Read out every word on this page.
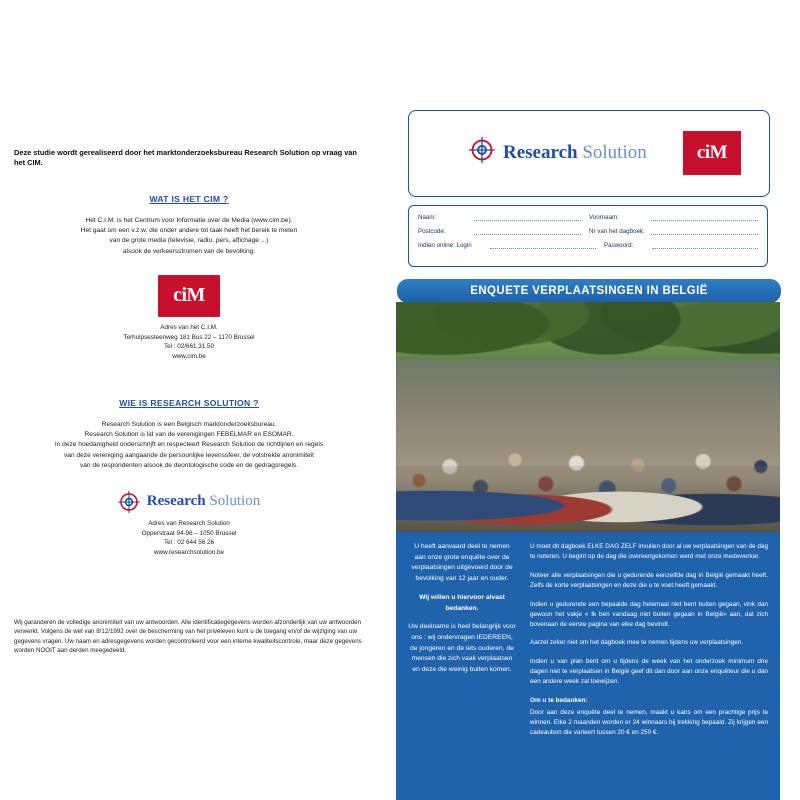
Deze studie wordt gerealiseerd door het marktonderzoeksbureau Research Solution op vraag van het CIM.
WAT IS HET CIM ?
Het C.I.M. is het Centrum voor Informatie over de Media (www.cim.be).
Het gaat om een v.z.w. die onder andere tot taak heeft het bereik te meten
van de grote media (televisie, radio, pers, affichage ...)
alsook de verkeersstromen van de bevolking.
ciM
Adres van het C.I.M.
Terhulpsesteenweg 181 Bus 22 – 1170 Brussel
Tel : 02/661.31.50
www.cim.be
WIE IS RESEARCH SOLUTION ?
Research Solution is een Belgisch marktonderzoeksbureau.
Research Solution is lid van de verenigingen FEBELMAR en ESOMAR.
In deze hoedanigheid onderschrijft en respecteert Research Solution de richtlijnen en regels
van deze vereniging aangaande de persoonlijke levenssfeer, de volstrekte anonimiteit
van de respondenten alsook de deontologische code en de gedragsregels.
Research Solution
Adres van Research Solution
Opperstraat 94-96 – 1050 Brussel
Tel : 02 644 56 26
www.researchsolution.be
Wij garanderen de volledige anonimiteit van uw antwoorden. Alle identificatiegegevens worden afzonderlijk van uw antwoorden verwerkt. Volgens de wet van 8/12/1992 over de bescherming van het privéleven kunt u de toegang en/of de wijziging van uw gegevens vragen. Uw naam en adresgegevens worden gecontroleerd voor een interne kwaliteitscontrole, maar deze gegevens worden NOOIT aan derden meegedeeld.
Research Solution	ciM
Naam:	Voornaam:
Postcode:	Nr van het dagboek:
Indien online: Login	Paswoord:
ENQUETE VERPLAATSINGEN IN BELGIË
U heeft aanvaard deel te nemen aan onze grote enquête over de verplaatsingen uitgevoerd door de bevolking van 12 jaar en ouder.
Wij willen u hiervoor alvast bedanken.
Uw deelname is heel belangrijk voor ons : wij ondervragen IEDEREEN, de jongeren en de iets ouderen, de mensen die zich vaak verplaatsen en deze die weinig buiten komen.

U moet dit dagboek ELKE DAG ZELF invullen door al uw verplaatsingen van de dag te noteren. U begint op de dag die overeengekomen werd met onze medewerker.

Noteer alle verplaatsingen die u gedurende eenzelfde dag in België gemaakt heeft. Zelfs de korte verplaatsingen en deze die u te voet heeft gemaakt.

Indien u gedurende een bepaalde dag helemaal niet bent buiten gegaan, vink dan gewoon het vakje « Ik ben vandaag niet buiten gegaan in België» aan, dat zich bovenaan de eerste pagina van elke dag bevindt.

Aarzel zeker niet om het dagboek mee te nemen tijdens uw verplaatsingen.

Indien u van plan bent om u tijdens de week van het onderzoek minimum drie dagen niet te verplaatsen in België geef dit dan door aan onze enquêteur die u dan een andere week zal toewijzen.

Om u te bedanken:

Door aan deze enquête deel te nemen, maakt u kans om een prachtige prijs te winnen. Elke 2 maanden worden er 24 winnaars bij trekking bepaald. Zij krijgen een cadeaubon die varieert tussen 20 € en 250 €.
